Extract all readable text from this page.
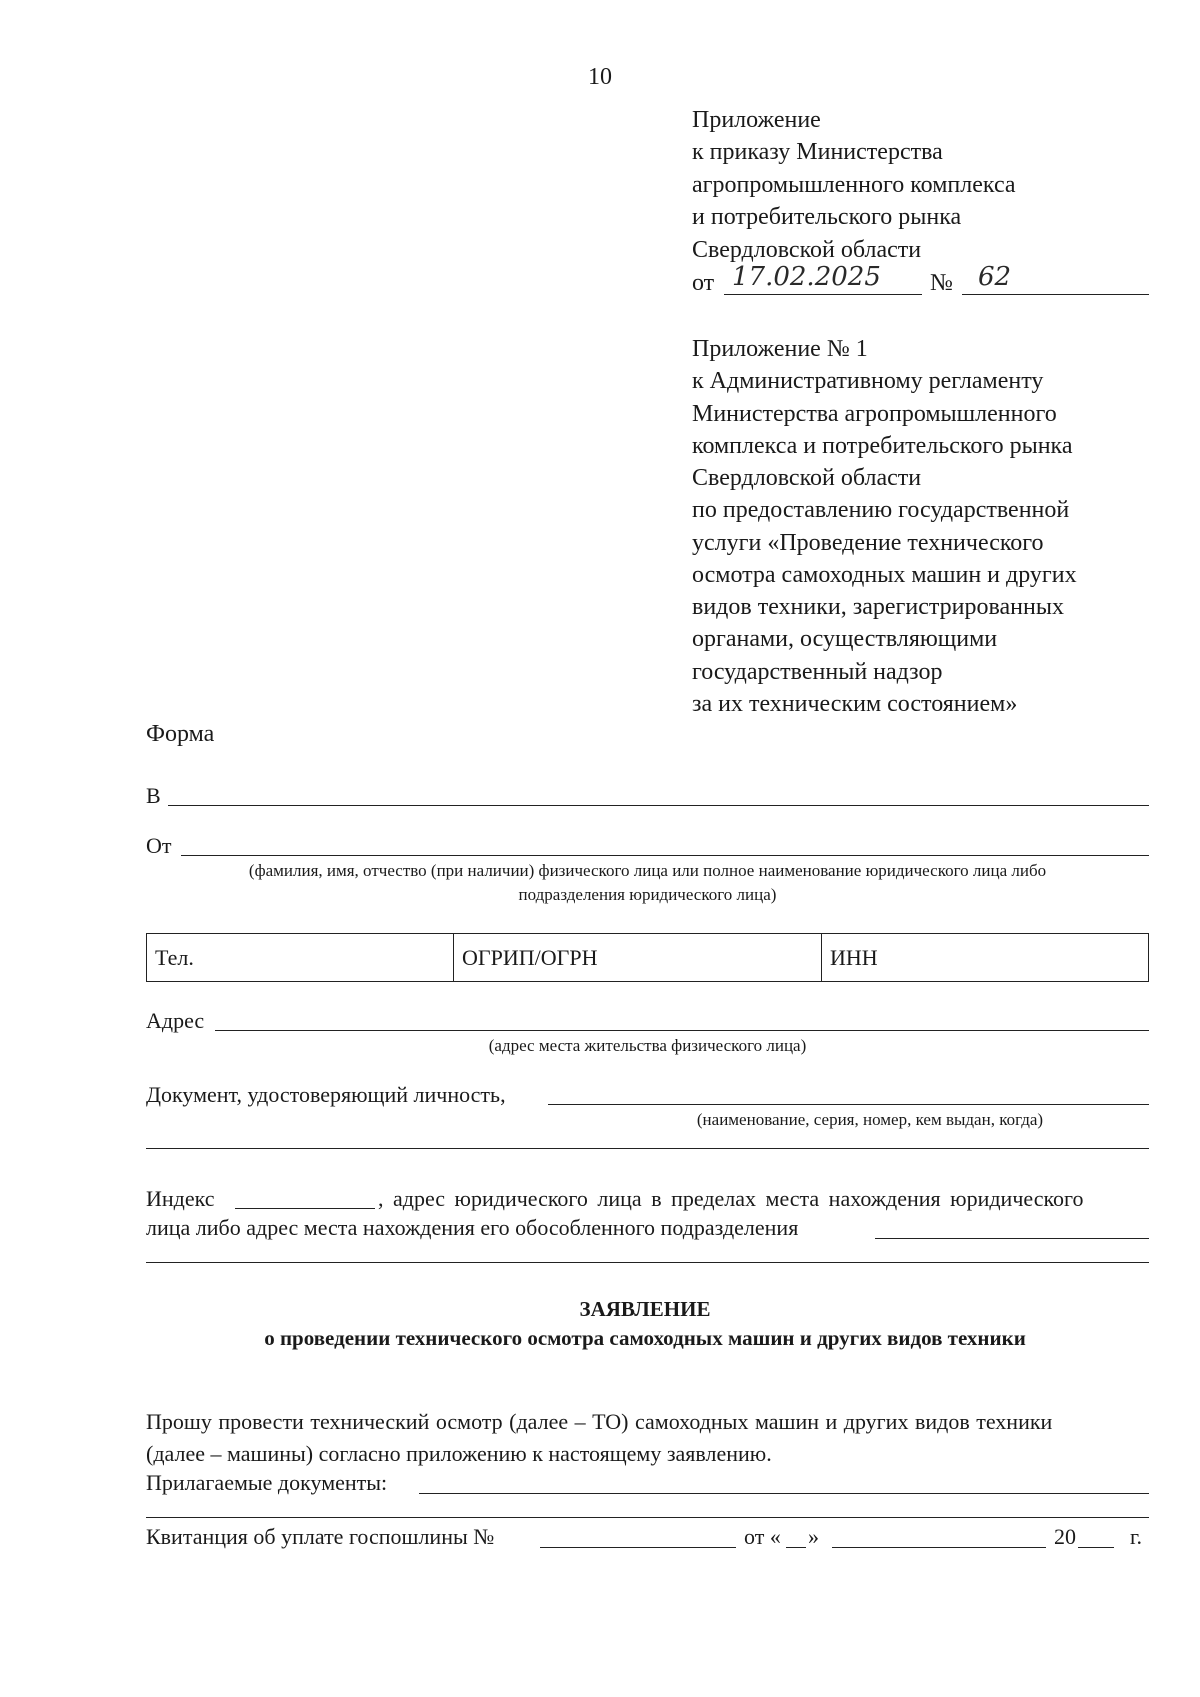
10
Приложение
к приказу Министерства
агропромышленного комплекса
и потребительского рынка
Свердловской области
от 17.02.2025 № 62
Приложение № 1
к Административному регламенту
Министерства агропромышленного
комплекса и потребительского рынка
Свердловской области
по предоставлению государственной
услуги «Проведение технического
осмотра самоходных машин и других
видов техники, зарегистрированных
органами, осуществляющими
государственный надзор
за их техническим состоянием»
Форма
В
От
(фамилия, имя, отчество (при наличии) физического лица или полное наименование юридического лица либо
подразделения юридического лица)
Тел.	ОГРИП/ОГРН	ИНН
Адрес
(адрес места жительства физического лица)
Документ, удостоверяющий личность,
(наименование, серия, номер, кем выдан, когда)
Индекс	, адрес юридического лица в пределах места нахождения юридического
лица либо адрес места нахождения его обособленного подразделения
ЗАЯВЛЕНИЕ
о проведении технического осмотра самоходных машин и других видов техники
Прошу провести технический осмотр (далее – ТО) самоходных машин и других видов техники
(далее – машины) согласно приложению к настоящему заявлению.
Прилагаемые документы:
Квитанция об уплате госпошлины №	от « »	20 г.
